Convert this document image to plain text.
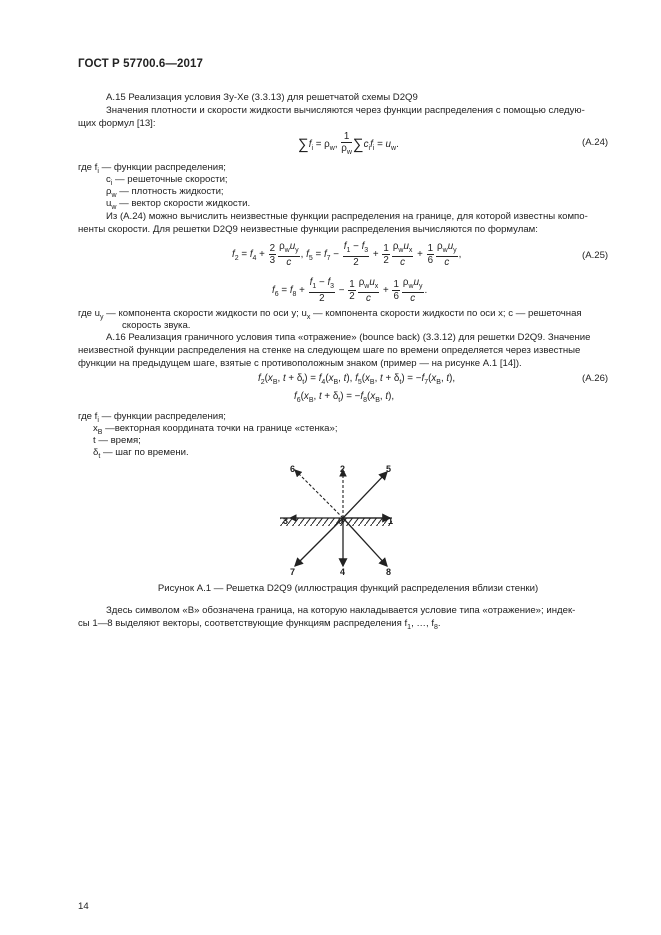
ГОСТ Р 57700.6—2017
А.15 Реализация условия Зу-Хе (3.3.13) для решетчатой схемы D2Q9
Значения плотности и скорости жидкости вычисляются через функции распределения с помощью следую-
щих формул [13]:
$\sum f_i = \rho_w$, $\frac{1}{\rho_w} \sum c_if_i = u_w$.	(А.24)
где $f_i$ — функции распределения;
$c_i$ — решеточные скорости;
$\rho_w$ — плотность жидкости;
$u_w$ — вектор скорости жидкости.
Из (А.24) можно вычислить неизвестные функции распределения на границе, для которой известны компо-
ненты скорости. Для решетки D2Q9 неизвестные функции распределения вычисляются по формулам:
$f_2 = f_4 + \frac{2}{3} \frac{\rho_wu_y}{c}$ , $f_5 = f_7 - \frac{f_1 - f_3}{2} + \frac{1}{2} \frac{\rho_wu_x}{c} + \frac{1}{6} \frac{\rho_wu_y}{c}$ ,	(А.25)
$f_6 = f_8 + \frac{f_1 - f_3}{2} - \frac{1}{2} \frac{\rho_wu_x}{c} + \frac{1}{6} \frac{\rho_wu_y}{c}$ .
где $u_y$ — компонента скорости жидкости по оси y; $u_x$ — компонента скорости жидкости по оси x; c — решеточная
скорость звука.
А.16 Реализация граничного условия типа «отражение» (bounce back) (3.3.12) для решетки D2Q9. Значение
неизвестной функции распределения на стенке на следующем шаге по времени определяется через известные
функции на предыдущем шаге, взятые с противоположным знаком (пример — на рисунке А.1 [14]).
$f_2(x_B$, $t + \delta_t) = f_4(x_B$, t), $f_5(x_B$, $t + \delta_t) = -f_7(x_B$, t),	(А.26)
$f_6(x_B$, $t + \delta_t) = -f_8(x_B$, t),
где $f_i$ — функции распределения;
$x_B$ —векторная координата точки на границе «стенка»;
t — время;
$\delta_t$ — шаг по времени.
0	1
2
3
4
5
6
7	8
Рисунок А.1 — Решетка D2Q9 (иллюстрация функций распределения вблизи стенки)
Здесь символом «B» обозначена граница, на которую накладывается условие типа «отражение»; индек-
сы 1—8 выделяют векторы, соответствующие функциям распределения $f_1$, …, $f_8$.
14
